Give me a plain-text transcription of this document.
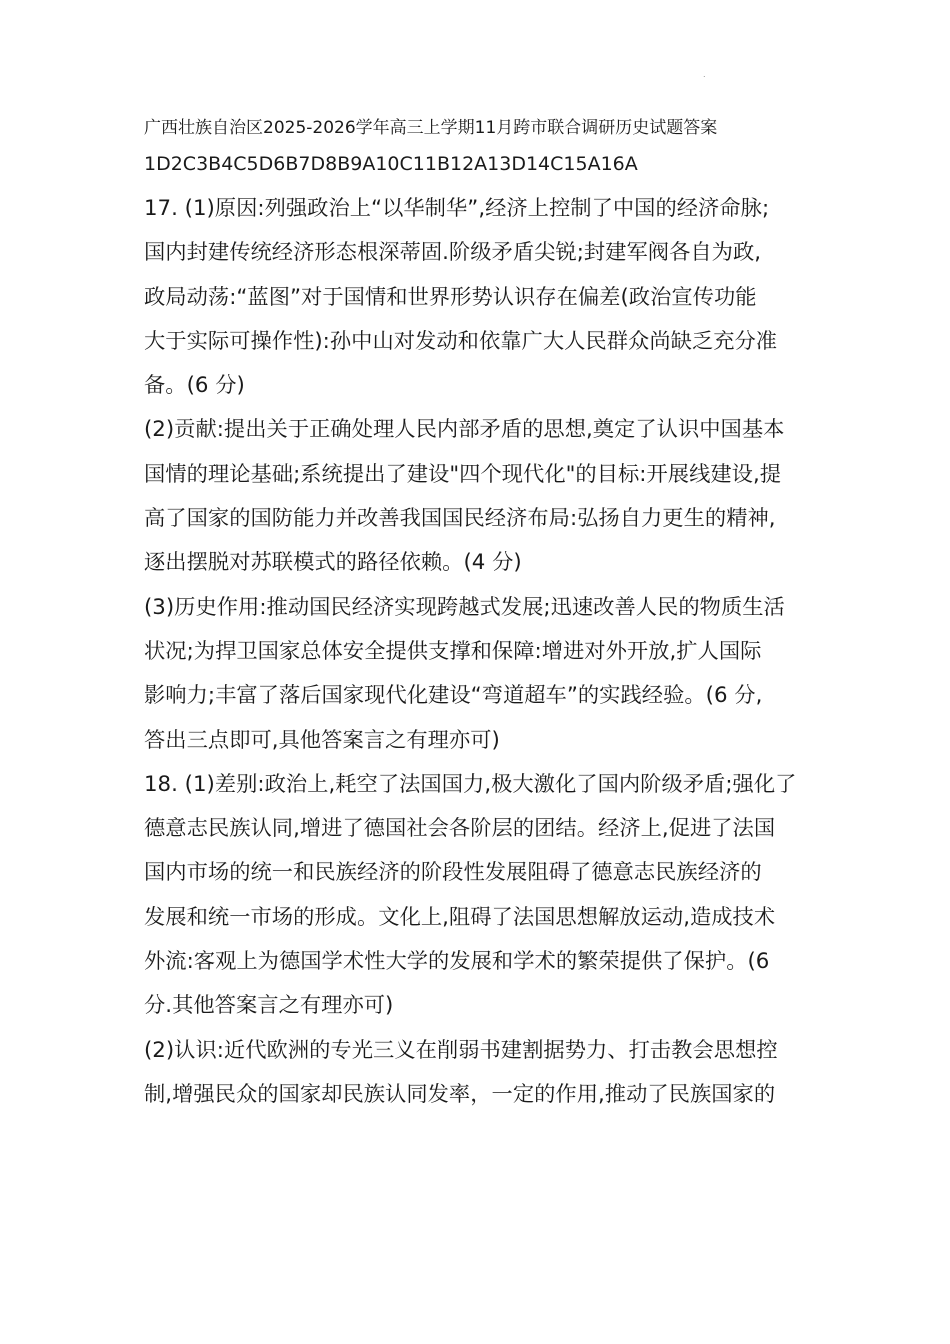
.
广西壮族自治区2025-2026学年高三上学期11月跨市联合调研历史试题答案
1D2C3B4C5D6B7D8B9A10C11B12A13D14C15A16A
17. (1)原因:列强政治上“以华制华”,经济上控制了中国的经济命脉;
国内封建传统经济形态根深蒂固.阶级矛盾尖锐;封建军阀各自为政,
政局动荡:“蓝图”对于国情和世界形势认识存在偏差(政治宣传功能
大于实际可操作性):孙中山对发动和依靠广大人民群众尚缺乏充分准
备。(6 分)
(2)贡献:提出关于正确处理人民内部矛盾的思想,奠定了认识中国基本
国情的理论基础;系统提出了建设"四个现代化"的目标:开展线建设,提
高了国家的国防能力并改善我国国民经济布局:弘扬自力更生的精神,
逐出摆脱对苏联模式的路径依赖。(4 分)
(3)历史作用:推动国民经济实现跨越式发展;迅速改善人民的物质生活
状况;为捍卫国家总体安全提供支撑和保障:增进对外开放,扩人国际
影响力;丰富了落后国家现代化建设“弯道超车”的实践经验。(6 分,
答出三点即可,具他答案言之有理亦可)
18. (1)差别:政治上,耗空了法国国力,极大激化了国内阶级矛盾;强化了
德意志民族认同,增进了德国社会各阶层的团结。经济上,促进了法国
国内市场的统一和民族经济的阶段性发展阻碍了德意志民族经济的
发展和统一市场的形成。文化上,阻碍了法国思想解放运动,造成技术
外流:客观上为德国学术性大学的发展和学术的繁荣提供了保护。(6
分.其他答案言之有理亦可)
(2)认识:近代欧洲的专光三义在削弱书建割据势力、打击教会思想控
制,增强民众的国家却民族认同发率，一定的作用,推动了民族国家的
